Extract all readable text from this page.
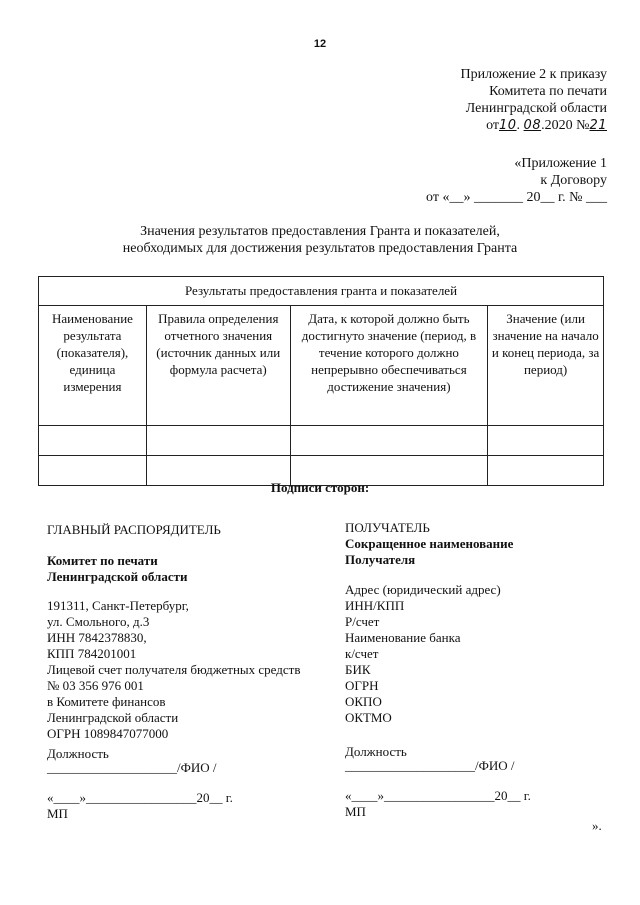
12
Приложение 2 к приказу
Комитета по печати
Ленинградской области
от10. 08.2020 №21
«Приложение 1
к Договору
от «__» _______ 20__ г. № ___
Значения результатов предоставления Гранта и показателей,
необходимых для достижения результатов предоставления Гранта
Результаты предоставления гранта и показателей			
Наименование результата (показателя), единица измерения	Правила определения отчетного значения (источник данных или формула расчета)	Дата, к которой должно быть достигнуто значение (период, в течение которого должно непрерывно обеспечиваться достижение значения)	Значение (или значение на начало и конец периода, за период)

Подписи сторон:
ГЛАВНЫЙ РАСПОРЯДИТЕЛЬ
Комитет по печати
Ленинградской области
191311, Санкт-Петербург,
ул. Смольного, д.3
ИНН 7842378830,
КПП 784201001
Лицевой счет получателя бюджетных средств
№ 03 356 976 001
в Комитете финансов
Ленинградской области
ОГРН 1089847077000
Должность
____________________/ФИО /
«____»_________________20__ г.
МП
ПОЛУЧАТЕЛЬ
Сокращенное наименование
Получателя
Адрес (юридический адрес)
ИНН/КПП
Р/счет
Наименование банка
к/счет
БИК
ОГРН
ОКПО
ОКТМО
Должность
____________________/ФИО /
«____»_________________20__ г.
МП
».
